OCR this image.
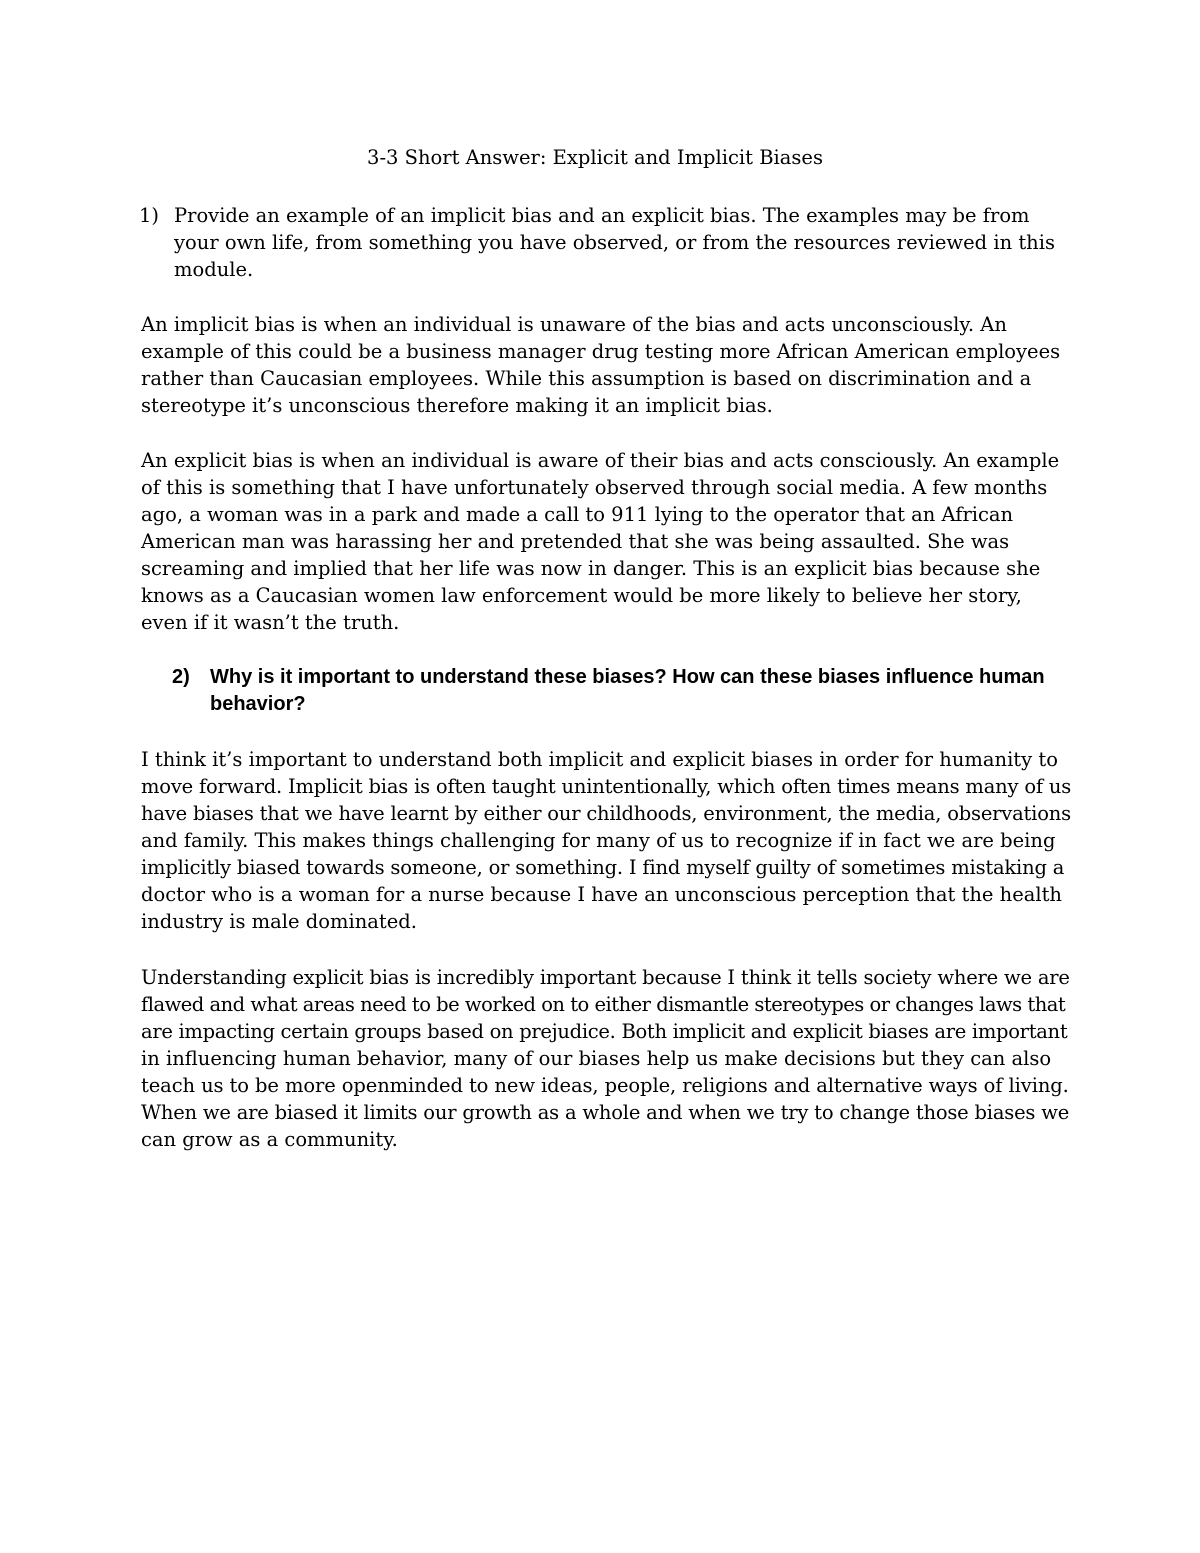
3-3 Short Answer: Explicit and Implicit Biases
1) Provide an example of an implicit bias and an explicit bias. The examples may be from
your own life, from something you have observed, or from the resources reviewed in this
module.
An implicit bias is when an individual is unaware of the bias and acts unconsciously. An
example of this could be a business manager drug testing more African American employees
rather than Caucasian employees. While this assumption is based on discrimination and a
stereotype it’s unconscious therefore making it an implicit bias.
An explicit bias is when an individual is aware of their bias and acts consciously. An example
of this is something that I have unfortunately observed through social media. A few months
ago, a woman was in a park and made a call to 911 lying to the operator that an African
American man was harassing her and pretended that she was being assaulted. She was
screaming and implied that her life was now in danger. This is an explicit bias because she
knows as a Caucasian women law enforcement would be more likely to believe her story,
even if it wasn’t the truth.
2) Why is it important to understand these biases? How can these biases influence human
behavior?
I think it’s important to understand both implicit and explicit biases in order for humanity to
move forward. Implicit bias is often taught unintentionally, which often times means many of us
have biases that we have learnt by either our childhoods, environment, the media, observations
and family. This makes things challenging for many of us to recognize if in fact we are being
implicitly biased towards someone, or something. I find myself guilty of sometimes mistaking a
doctor who is a woman for a nurse because I have an unconscious perception that the health
industry is male dominated.
Understanding explicit bias is incredibly important because I think it tells society where we are
flawed and what areas need to be worked on to either dismantle stereotypes or changes laws that
are impacting certain groups based on prejudice. Both implicit and explicit biases are important
in influencing human behavior, many of our biases help us make decisions but they can also
teach us to be more openminded to new ideas, people, religions and alternative ways of living.
When we are biased it limits our growth as a whole and when we try to change those biases we
can grow as a community.
